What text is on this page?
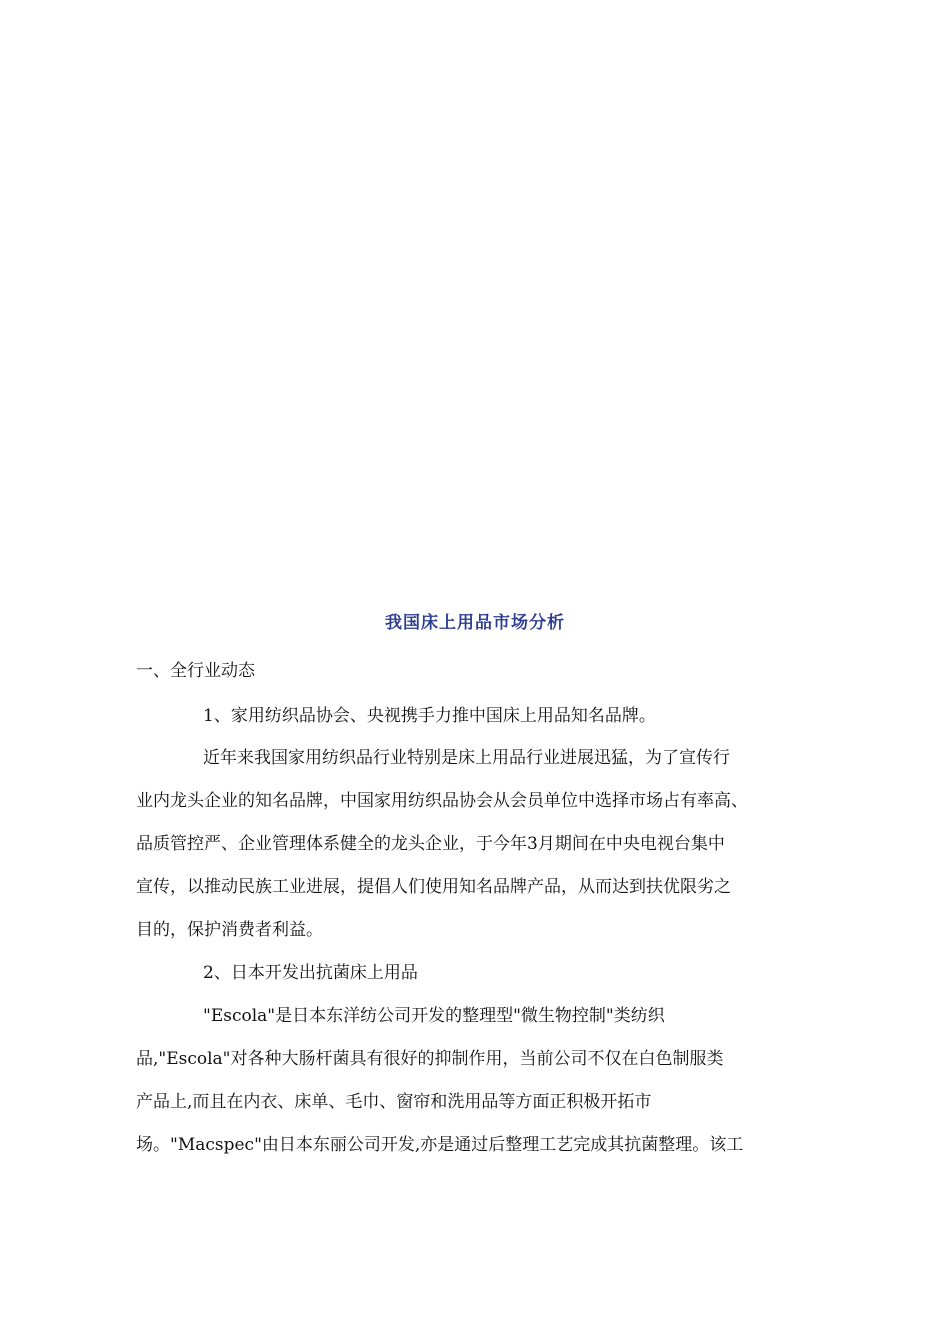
我国床上用品市场分析
一、全行业动态
1、家用纺织品协会、央视携手力推中国床上用品知名品牌。
近年来我国家用纺织品行业特别是床上用品行业进展迅猛，为了宣传行
业内龙头企业的知名品牌，中国家用纺织品协会从会员单位中选择市场占有率高、
品质管控严、企业管理体系健全的龙头企业，于今年3月期间在中央电视台集中
宣传，以推动民族工业进展，提倡人们使用知名品牌产品，从而达到扶优限劣之
目的，保护消费者利益。
2、日本开发出抗菌床上用品
"Escola"是日本东洋纺公司开发的整理型"微生物控制"类纺织
品,"Escola"对各种大肠杆菌具有很好的抑制作用，当前公司不仅在白色制服类
产品上,而且在内衣、床单、毛巾、窗帘和洗用品等方面正积极开拓市
场。"Macspec"由日本东丽公司开发,亦是通过后整理工艺完成其抗菌整理。该工
